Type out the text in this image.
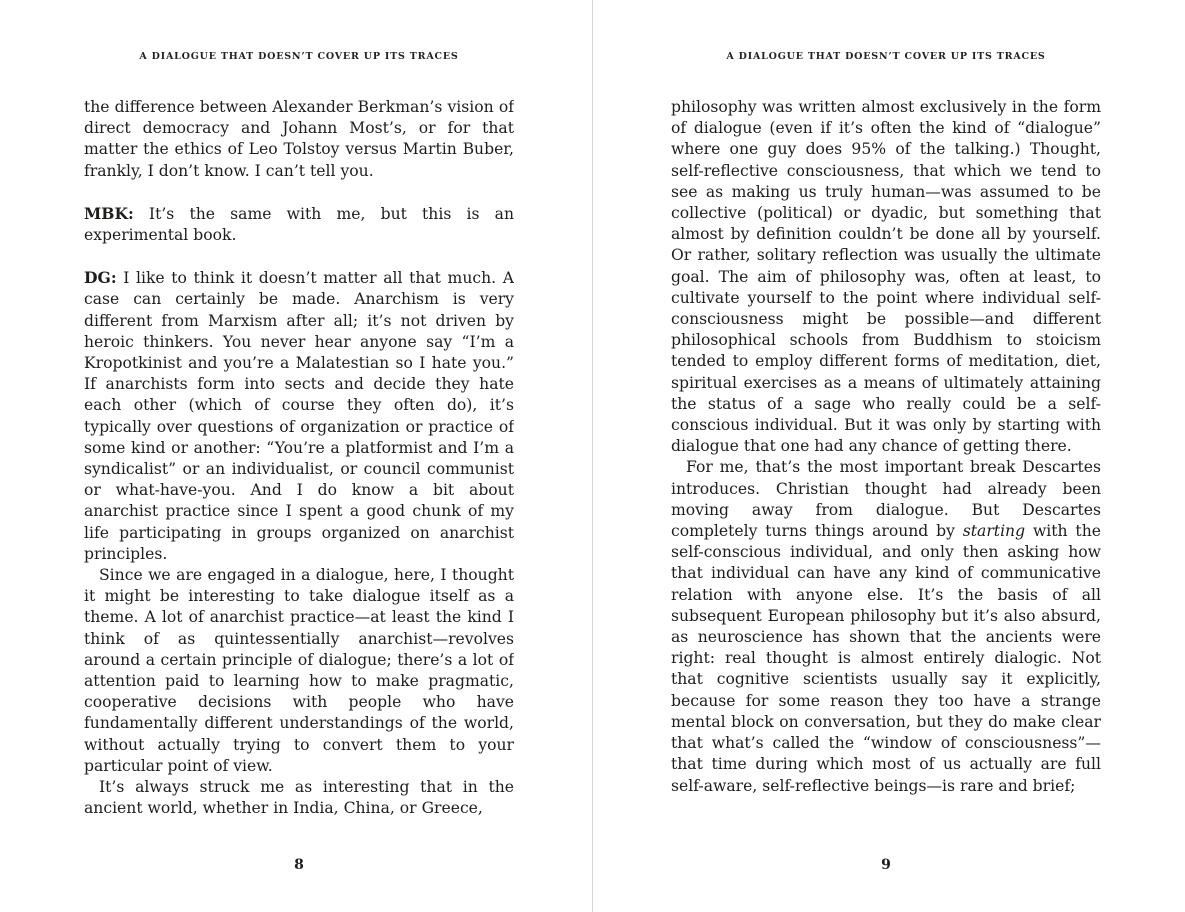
A DIALOGUE THAT DOESN’T COVER UP ITS TRACES

the difference between Alexander Berkman’s vision of direct democracy and Johann Most’s, or for that matter the ethics of Leo Tolstoy versus Martin Buber, frankly, I don’t know. I can’t tell you.

MBK: It’s the same with me, but this is an experimental book.

DG: I like to think it doesn’t matter all that much. A case can certainly be made. Anarchism is very different from Marxism after all; it’s not driven by heroic thinkers. You never hear anyone say “I’m a Kropotkinist and you’re a Malatestian so I hate you.” If anarchists form into sects and decide they hate each other (which of course they often do), it’s typically over questions of organization or practice of some kind or another: “You’re a platformist and I’m a syndicalist” or an individualist, or council communist or what-have-you. And I do know a bit about anarchist practice since I spent a good chunk of my life participating in groups organized on anarchist principles.

Since we are engaged in a dialogue, here, I thought it might be interesting to take dialogue itself as a theme. A lot of anarchist practice—at least the kind I think of as quintessentially anarchist—revolves around a certain principle of dialogue; there’s a lot of attention paid to learning how to make pragmatic, cooperative decisions with people who have fundamentally different understandings of the world, without actually trying to convert them to your particular point of view.

It’s always struck me as interesting that in the ancient world, whether in India, China, or Greece,

8
A DIALOGUE THAT DOESN’T COVER UP ITS TRACES

philosophy was written almost exclusively in the form of dialogue (even if it’s often the kind of “dialogue” where one guy does 95% of the talking.) Thought, self-reflective consciousness, that which we tend to see as making us truly human—was assumed to be collective (political) or dyadic, but something that almost by definition couldn’t be done all by yourself. Or rather, solitary reflection was usually the ultimate goal. The aim of philosophy was, often at least, to cultivate yourself to the point where individual self-consciousness might be possible—and different philosophical schools from Buddhism to stoicism tended to employ different forms of meditation, diet, spiritual exercises as a means of ultimately attaining the status of a sage who really could be a self-conscious individual. But it was only by starting with dialogue that one had any chance of getting there.

For me, that’s the most important break Descartes introduces. Christian thought had already been moving away from dialogue. But Descartes completely turns things around by starting with the self-conscious individual, and only then asking how that individual can have any kind of communicative relation with anyone else. It’s the basis of all subsequent European philosophy but it’s also absurd, as neuroscience has shown that the ancients were right: real thought is almost entirely dialogic. Not that cognitive scientists usually say it explicitly, because for some reason they too have a strange mental block on conversation, but they do make clear that what’s called the “window of consciousness”—that time during which most of us actually are full self-aware, self-reflective beings—is rare and brief;

9
